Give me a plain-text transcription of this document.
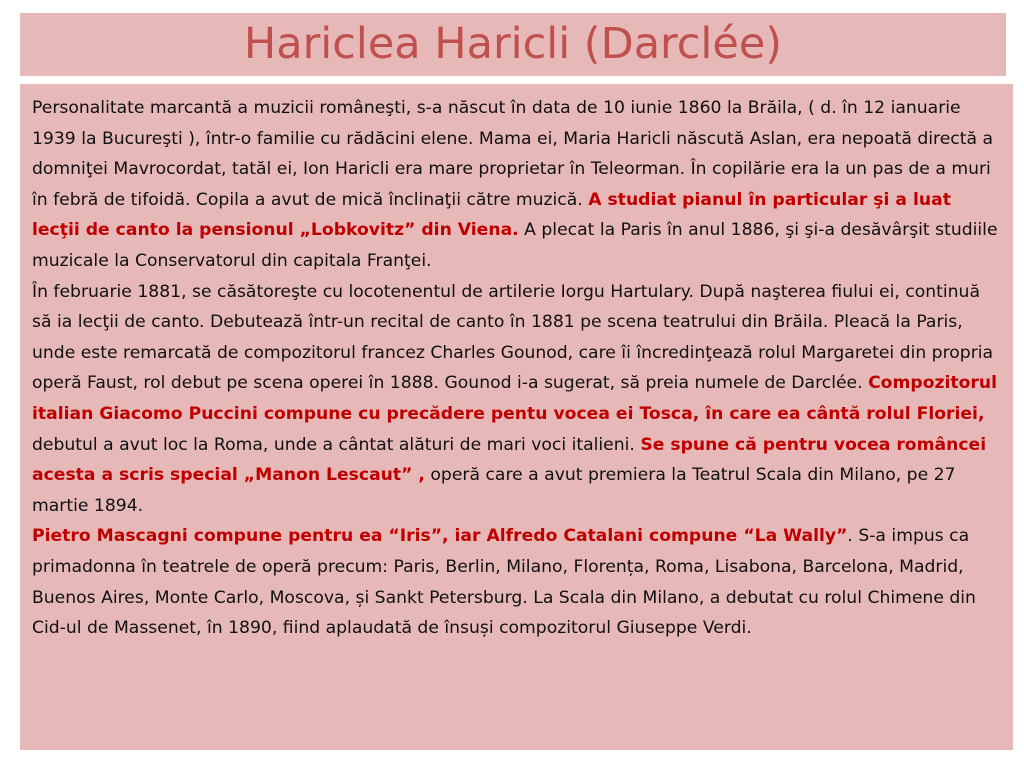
Hariclea Haricli (Darclée)

Personalitate marcantă a muzicii româneşti, s-a născut în data de 10 iunie 1860 la Brăila, ( d. în 12 ianuarie 1939 la Bucureşti ), într-o familie cu rădăcini elene. Mama ei, Maria Haricli născută Aslan, era nepoată directă a domniţei Mavrocordat, tatăl ei, Ion Haricli era mare proprietar în Teleorman. În copilărie era la un pas de a muri în febră de tifoidă. Copila a avut de mică înclinaţii către muzică. A studiat pianul în particular şi a luat lecţii de canto la pensionul „Lobkovitz” din Viena. A plecat la Paris în anul 1886, şi şi-a desăvârşit studiile muzicale la Conservatorul din capitala Franţei.

În februarie 1881, se căsătoreşte cu locotenentul de artilerie Iorgu Hartulary. După naşterea fiului ei, continuă să ia lecţii de canto. Debutează într-un recital de canto în 1881 pe scena teatrului din Brăila. Pleacă la Paris, unde este remarcată de compozitorul francez Charles Gounod, care îi încredinţează rolul Margaretei din propria operă Faust, rol debut pe scena operei în 1888. Gounod i-a sugerat, să preia numele de Darclée. Compozitorul italian Giacomo Puccini compune cu precădere pentu vocea ei Tosca, în care ea cântă rolul Floriei, debutul a avut loc la Roma, unde a cântat alături de mari voci italieni. Se spune că pentru vocea româncei acesta a scris special „Manon Lescaut” , operă care a avut premiera la Teatrul Scala din Milano, pe 27 martie 1894.

Pietro Mascagni compune pentru ea “Iris”, iar Alfredo Catalani compune “La Wally”. S-a impus ca primadonna în teatrele de operă precum: Paris, Berlin, Milano, Florența, Roma, Lisabona, Barcelona, Madrid, Buenos Aires, Monte Carlo, Moscova, și Sankt Petersburg. La Scala din Milano, a debutat cu rolul Chimene din Cid-ul de Massenet, în 1890, fiind aplaudată de însuși compozitorul Giuseppe Verdi.
